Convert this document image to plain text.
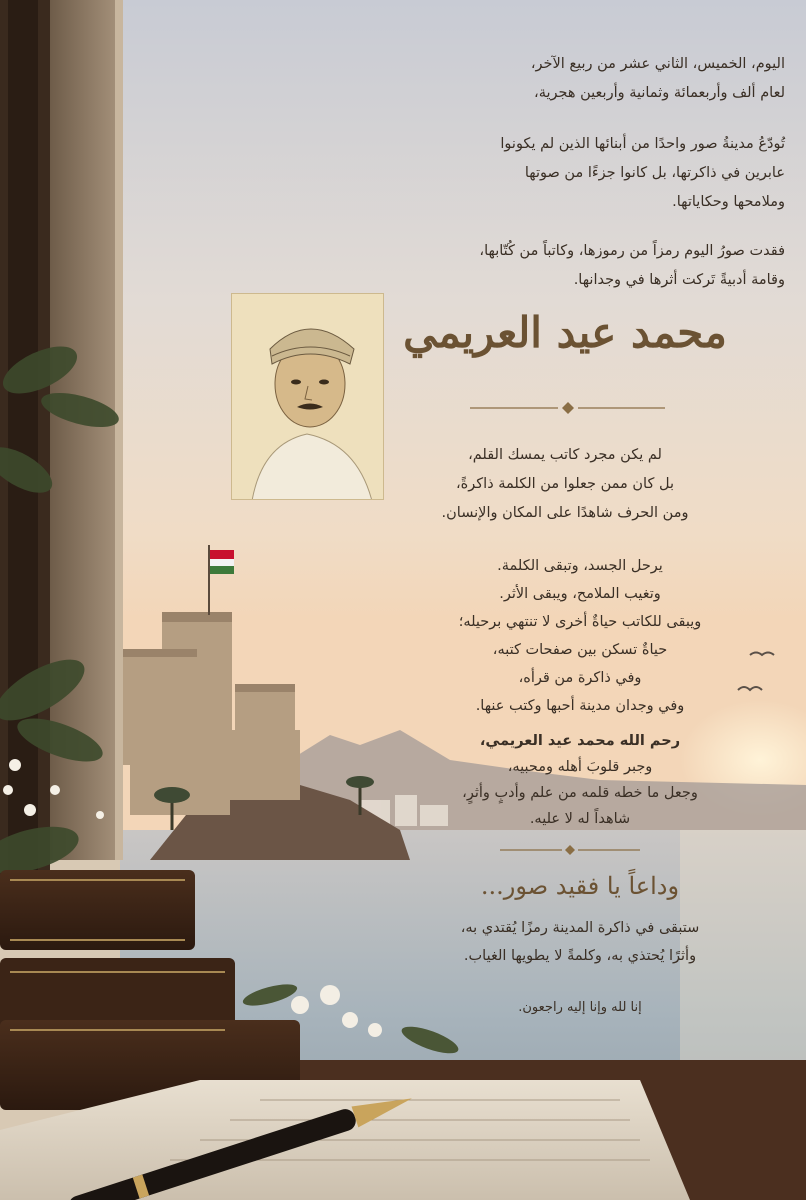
اليوم، الخميس، الثاني عشر من ربيع الآخر،
لعام ألف وأربعمائة وثمانية وأربعين هجرية،
تُودّعُ مدينةُ صور واحدًا من أبنائها الذين لم يكونوا
عابرين في ذاكرتها، بل كانوا جزءًا من صوتها
وملامحها وحكاياتها.
فقدت صورُ اليوم رمزاً من رموزها، وكاتباً من كُتّابها،
وقامة أدبيةً تَركت أثرها في وجدانها.
محمد عيد العريمي
لم يكن مجرد كاتب يمسك القلم،
بل كان ممن جعلوا من الكلمة ذاكرةً،
ومن الحرف شاهدًا على المكان والإنسان.
يرحل الجسد، وتبقى الكلمة.
وتغيب الملامح، ويبقى الأثر.
ويبقى للكاتب حياةٌ أخرى لا تنتهي برحيله؛
حياةٌ تسكن بين صفحات كتبه،
وفي ذاكرة من قرأه،
وفي وجدان مدينة أحبها وكتب عنها.
رحم الله محمد عيد العريمي،
وجبر قلوبَ أهله ومحبيه،
وجعل ما خطه قلمه من علم وأدبٍ وأثرٍ،
شاهداً له لا عليه.
وداعاً يا فقيد صور...
ستبقى في ذاكرة المدينة رمزًا يُقتدي به،
وأثرًا يُحتذي به، وكلمةً لا يطويها الغياب.
إنا لله وإنا إليه راجعون.
